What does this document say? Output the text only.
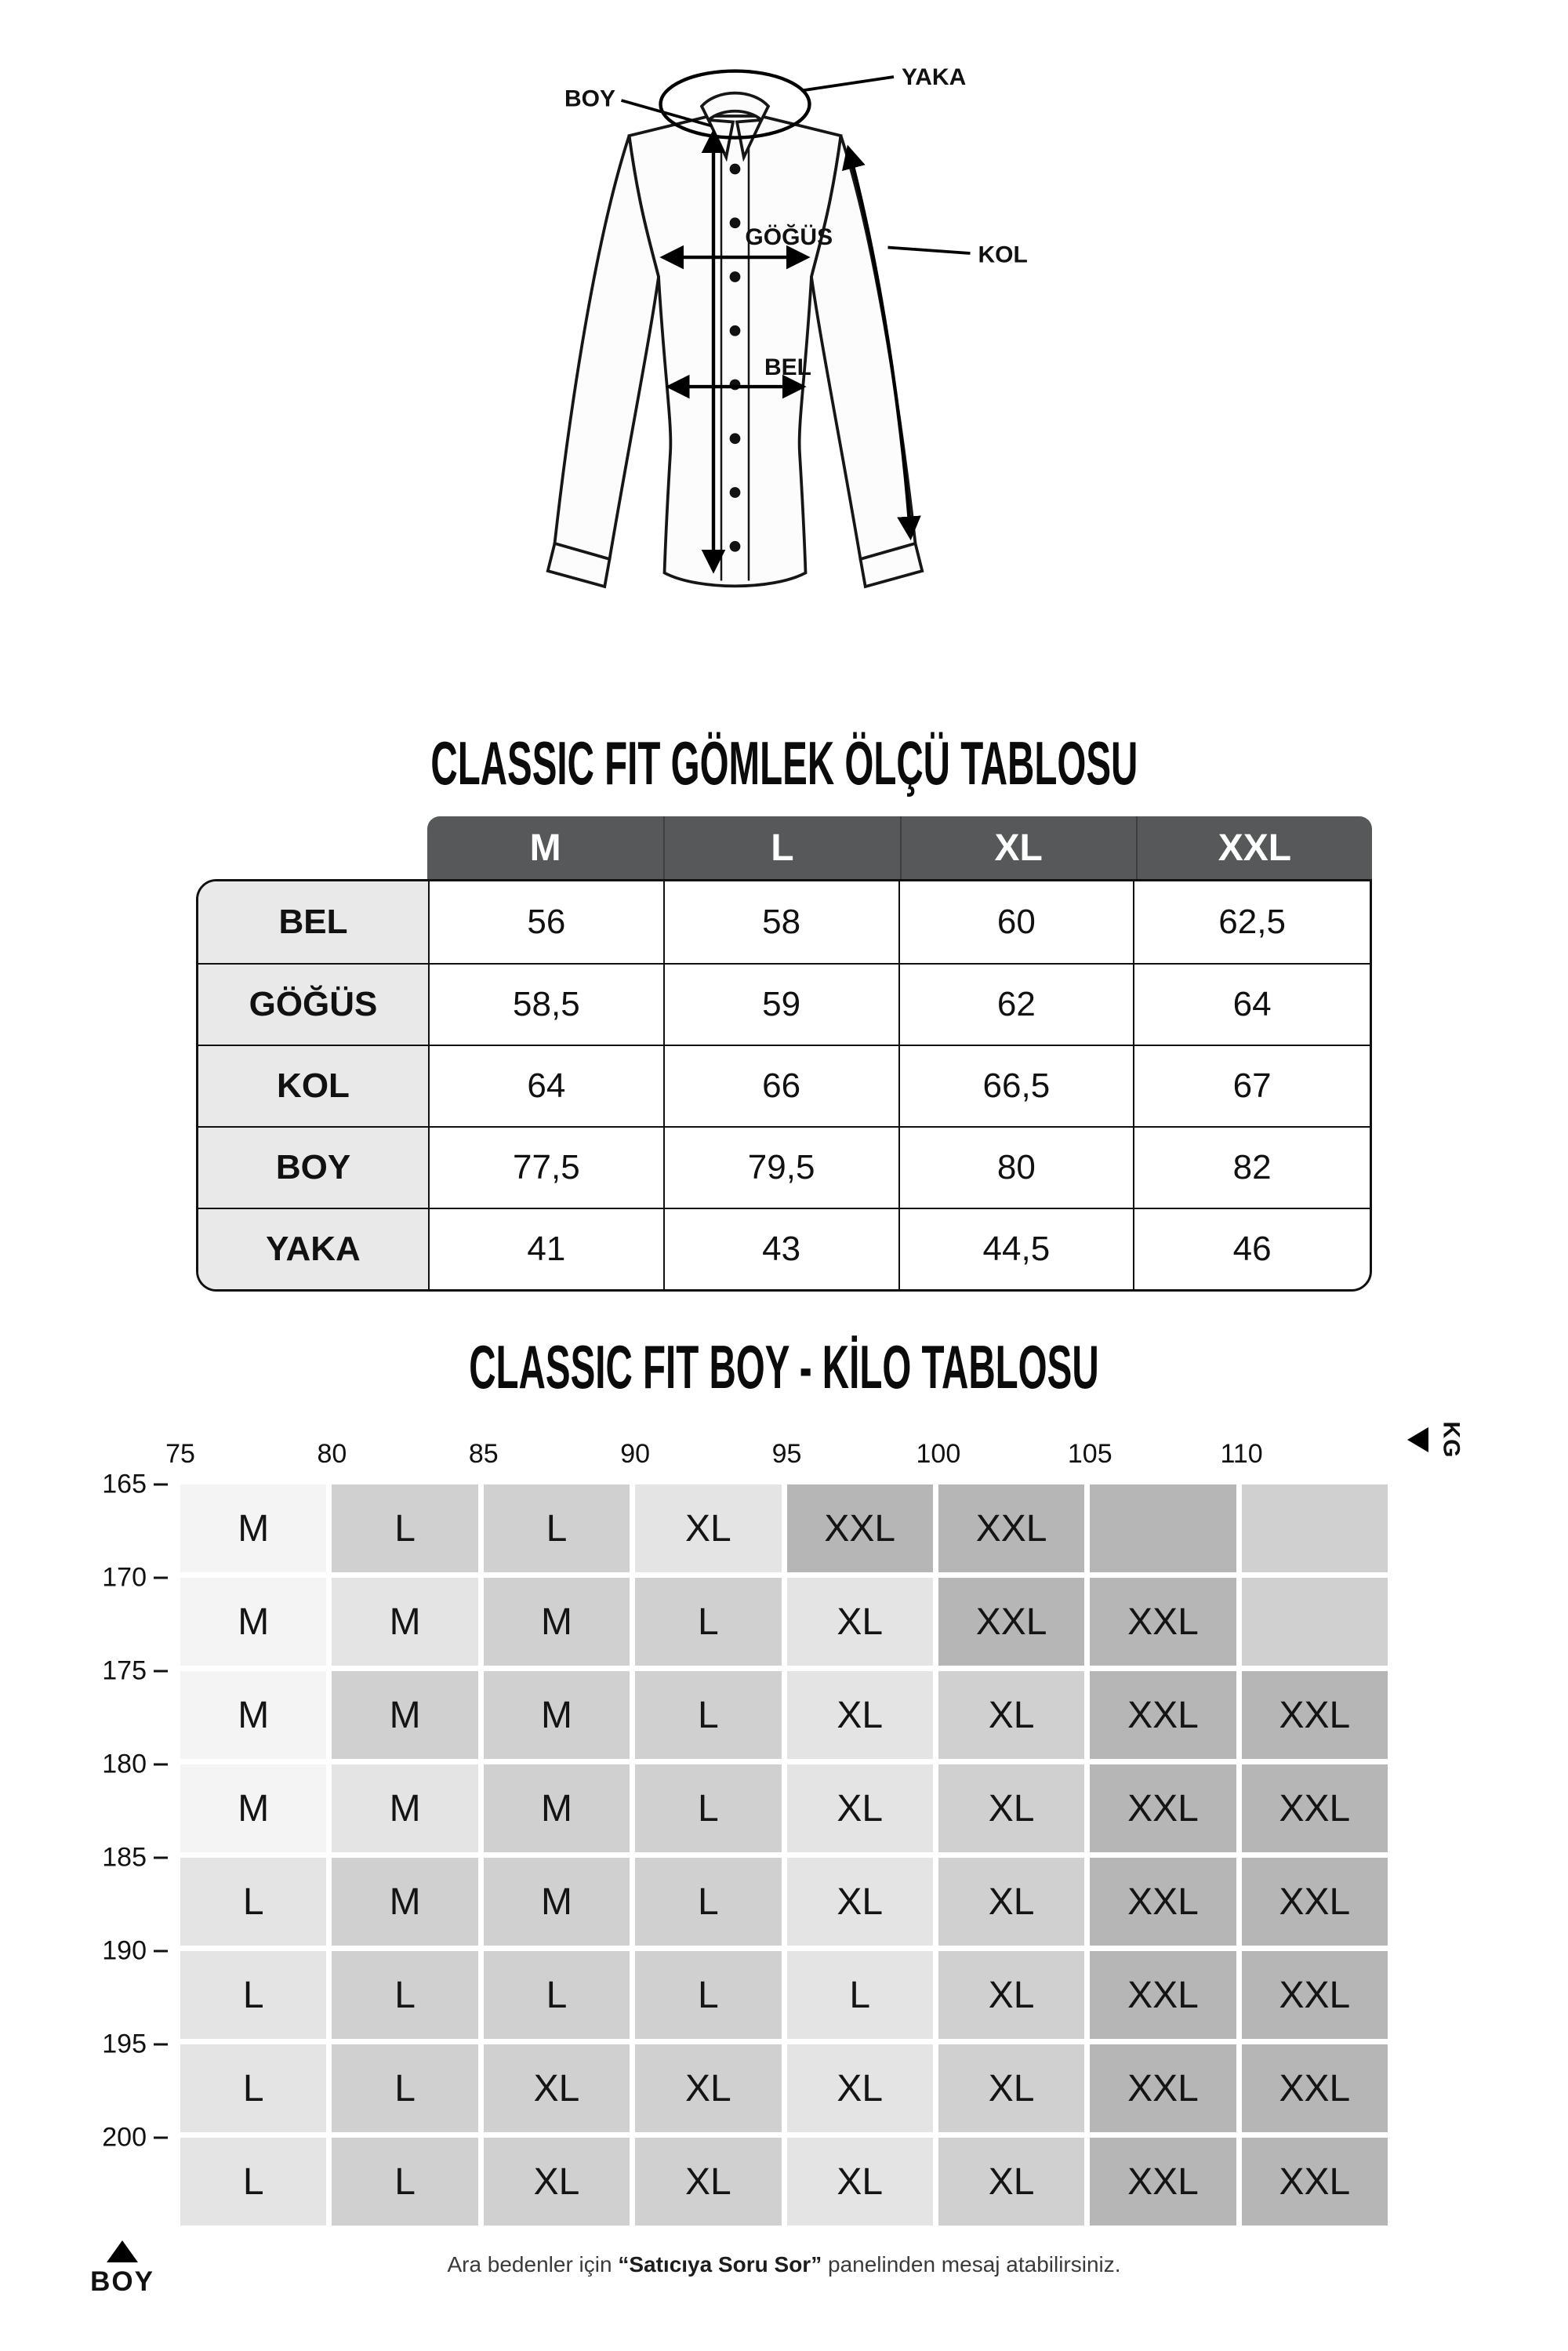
YAKA
BOY
KOL
GÖĞÜS
BEL
CLASSIC FIT GÖMLEK ÖLÇÜ TABLOSU
M	L	XL	XXL
BEL	56	58	60	62,5
GÖĞÜS	58,5	59	62	64
KOL	64	66	66,5	67
BOY	77,5	79,5	80	82
YAKA	41	43	44,5	46
CLASSIC FIT BOY - KİLO TABLOSU
KG
BOY
M	L	L	XL	XXL	XXL
M	M	M	L	XL	XXL	XXL
M	M	M	L	XL	XL	XXL	XXL
M	M	M	L	XL	XL	XXL	XXL
L	M	M	L	XL	XL	XXL	XXL
L	L	L	L	L	XL	XXL	XXL
L	L	XL	XL	XL	XL	XXL	XXL
L	L	XL	XL	XL	XL	XXL	XXL
75	80	85	90	95	100	105	110
165
170
175
180
185
190
195
200

Ara bedenler için “Satıcıya Soru Sor” panelinden mesaj atabilirsiniz.
